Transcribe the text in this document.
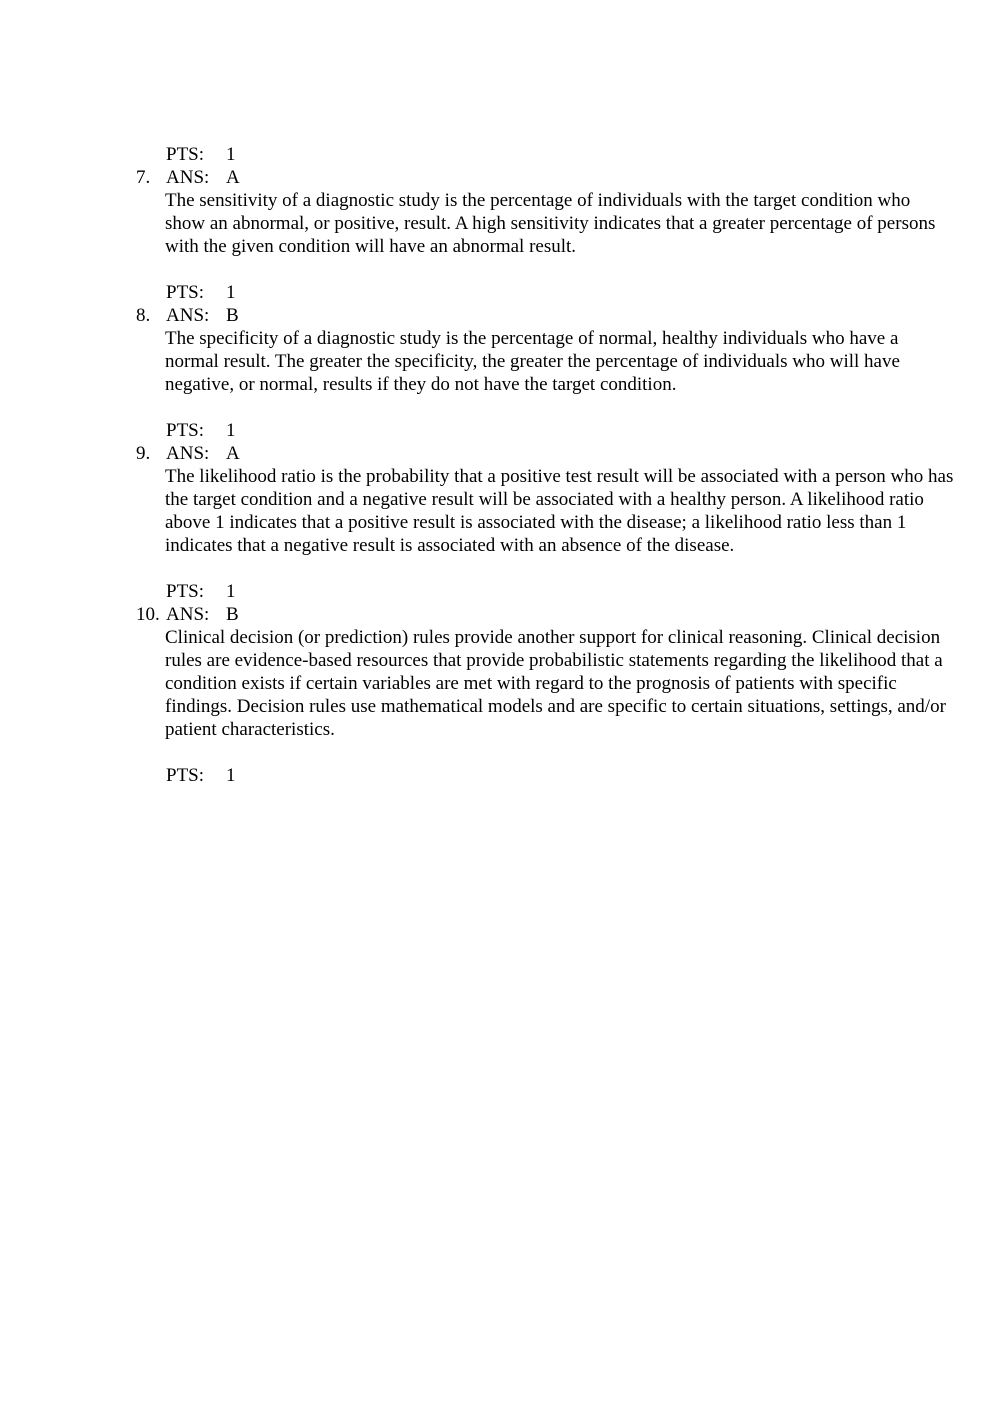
PTS: 1
7. ANS: A
The sensitivity of a diagnostic study is the percentage of individuals with the target condition who show an abnormal, or positive, result. A high sensitivity indicates that a greater percentage of persons with the given condition will have an abnormal result.
PTS: 1
8. ANS: B
The specificity of a diagnostic study is the percentage of normal, healthy individuals who have a normal result. The greater the specificity, the greater the percentage of individuals who will have negative, or normal, results if they do not have the target condition.
PTS: 1
9. ANS: A
The likelihood ratio is the probability that a positive test result will be associated with a person who has the target condition and a negative result will be associated with a healthy person. A likelihood ratio above 1 indicates that a positive result is associated with the disease; a likelihood ratio less than 1 indicates that a negative result is associated with an absence of the disease.
PTS: 1
10. ANS: B
Clinical decision (or prediction) rules provide another support for clinical reasoning. Clinical decision rules are evidence-based resources that provide probabilistic statements regarding the likelihood that a condition exists if certain variables are met with regard to the prognosis of patients with specific findings. Decision rules use mathematical models and are specific to certain situations, settings, and/or patient characteristics.
PTS: 1
